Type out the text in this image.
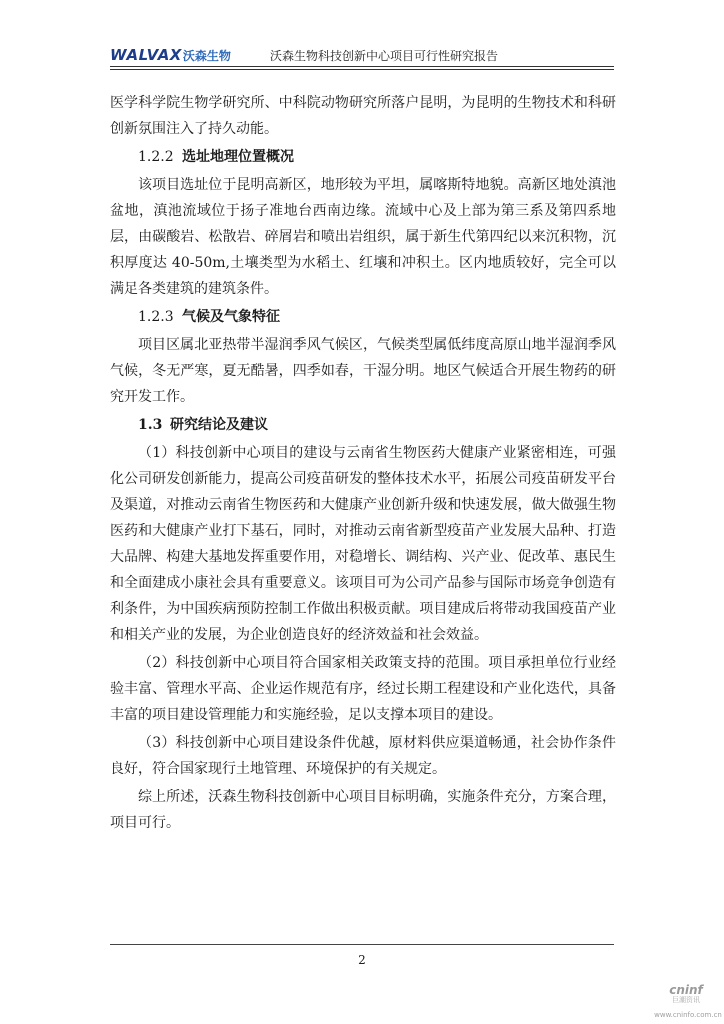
WALVAX沃森生物	沃森生物科技创新中心项目可行性研究报告

医学科学院生物学研究所、中科院动物研究所落户昆明，为昆明的生物技术和科研创新氛围注入了持久动能。

1.2.2 选址地理位置概况

该项目选址位于昆明高新区，地形较为平坦，属喀斯特地貌。高新区地处滇池盆地，滇池流域位于扬子准地台西南边缘。流域中心及上部为第三系及第四系地层，由碳酸岩、松散岩、碎屑岩和喷出岩组织，属于新生代第四纪以来沉积物，沉积厚度达 40-50m,土壤类型为水稻土、红壤和冲积土。区内地质较好，完全可以满足各类建筑的建筑条件。

1.2.3 气候及气象特征

项目区属北亚热带半湿润季风气候区，气候类型属低纬度高原山地半湿润季风气候，冬无严寒，夏无酷暑，四季如春，干湿分明。地区气候适合开展生物药的研究开发工作。

1.3 研究结论及建议

（1）科技创新中心项目的建设与云南省生物医药大健康产业紧密相连，可强化公司研发创新能力，提高公司疫苗研发的整体技术水平，拓展公司疫苗研发平台及渠道，对推动云南省生物医药和大健康产业创新升级和快速发展，做大做强生物医药和大健康产业打下基石，同时，对推动云南省新型疫苗产业发展大品种、打造大品牌、构建大基地发挥重要作用，对稳增长、调结构、兴产业、促改革、惠民生和全面建成小康社会具有重要意义。该项目可为公司产品参与国际市场竞争创造有利条件，为中国疾病预防控制工作做出积极贡献。项目建成后将带动我国疫苗产业和相关产业的发展，为企业创造良好的经济效益和社会效益。

（2）科技创新中心项目符合国家相关政策支持的范围。项目承担单位行业经验丰富、管理水平高、企业运作规范有序，经过长期工程建设和产业化迭代，具备丰富的项目建设管理能力和实施经验，足以支撑本项目的建设。

（3）科技创新中心项目建设条件优越，原材料供应渠道畅通，社会协作条件良好，符合国家现行土地管理、环境保护的有关规定。

综上所述，沃森生物科技创新中心项目目标明确，实施条件充分，方案合理，项目可行。

2
cninf
巨潮资讯
www.cninfo.com.cn
